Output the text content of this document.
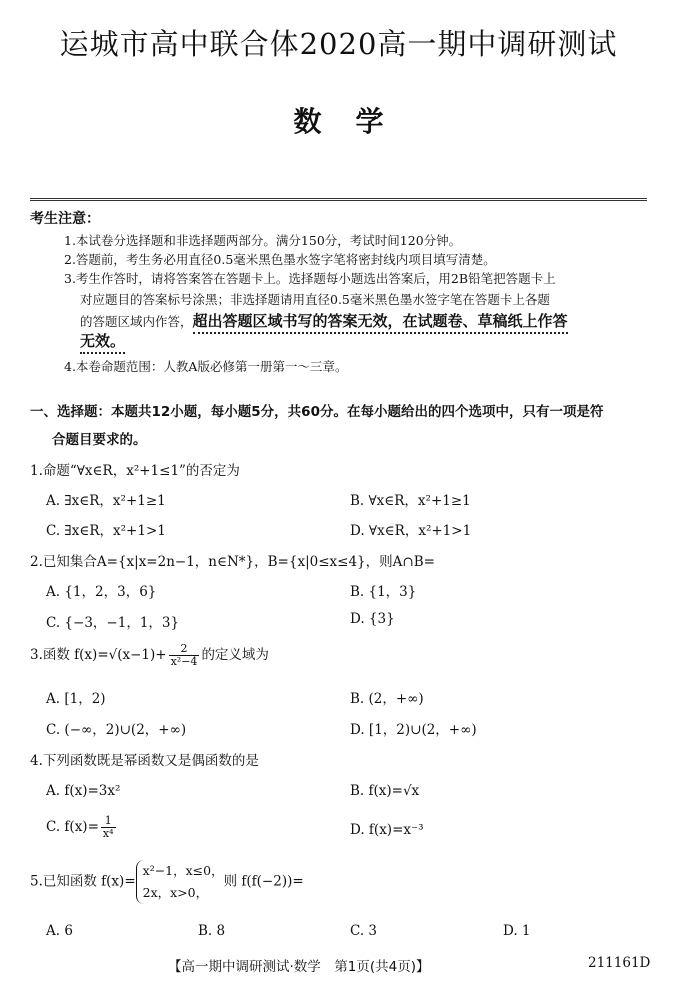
运城市高中联合体2020高一期中调研测试
数学
考生注意：
1.本试卷分选择题和非选择题两部分。满分150分，考试时间120分钟。
2.答题前，考生务必用直径0.5毫米黑色墨水签字笔将密封线内项目填写清楚。
3.考生作答时，请将答案答在答题卡上。选择题每小题选出答案后，用2B铅笔把答题卡上
对应题目的答案标号涂黑；非选择题请用直径0.5毫米黑色墨水签字笔在答题卡上各题
的答题区域内作答，超出答题区域书写的答案无效，在试题卷、草稿纸上作答
无效。
4.本卷命题范围：人教A版必修第一册第一～三章。
一、选择题：本题共12小题，每小题5分，共60分。在每小题给出的四个选项中，只有一项是符
合题目要求的。
1.命题“∀x∈R，x²+1≤1”的否定为
A. ∃x∈R，x²+1≥1	B. ∀x∈R，x²+1≥1
C. ∃x∈R，x²+1>1	D. ∀x∈R，x²+1>1
2.已知集合A={x|x=2n−1，n∈N*}，B={x|0≤x≤4}，则A∩B=
A. {1，2，3，6}	B. {1，3}
C. {−3，−1，1，3}	D. {3}
3.函数 $f(x)=√(x-1)+ \frac{2}{\text{x²−4}}$ 的定义域为
A. [1，2)	B. (2，+∞)
C. (−∞，2)∪(2，+∞)	D. [1，2)∪(2，+∞)
4.下列函数既是幂函数又是偶函数的是
A. f(x)=3x²	B. f(x)=√x
C. $f(x)= \frac{1}{\text{x⁴}}$	D. f(x)=x⁻³
5.已知函数 f(x)=
x²−1，x≤0，
2x，x>0，
则 f(f(−2))=
A. 6	B. 8	C. 3	D. 1
【高一期中调研测试·数学　第1页(共4页)】	211161D
